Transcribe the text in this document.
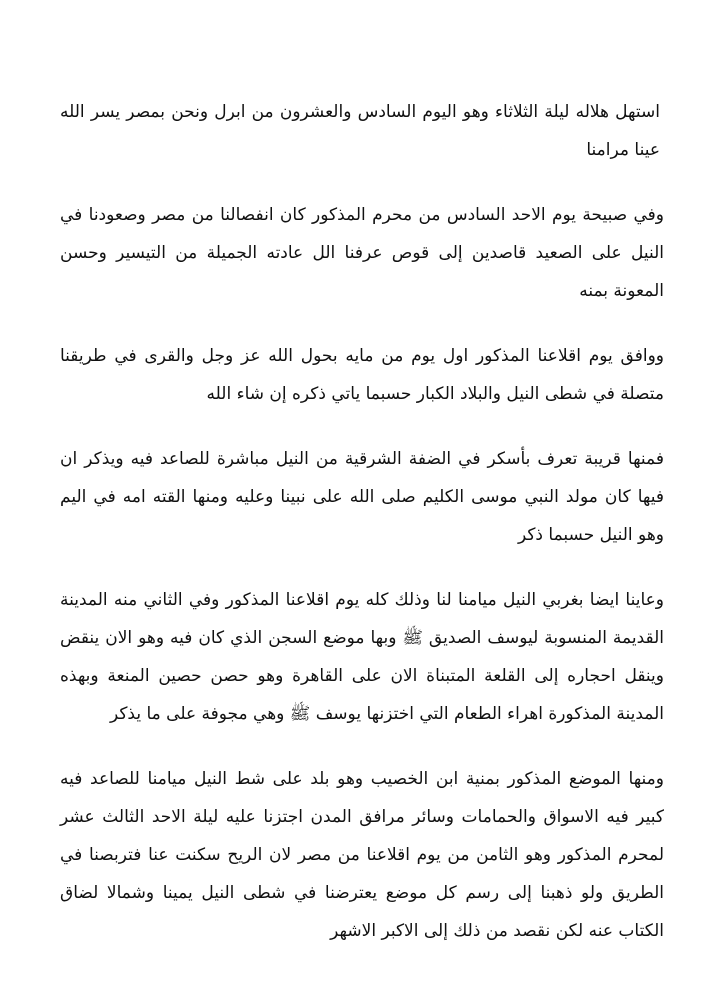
استهل هلاله ليلة الثلاثاء وهو اليوم السادس والعشرون من ابرل ونحن بمصر يسر الله عينا مرامنا

وفي صبيحة يوم الاحد السادس من محرم المذكور كان انفصالنا من مصر وصعودنا في النيل على الصعيد قاصدين إلى قوص عرفنا الل عادته الجميلة من التيسير وحسن المعونة بمنه

ووافق يوم اقلاعنا المذكور اول يوم من مايه بحول الله عز وجل والقرى في طريقنا متصلة في شطى النيل والبلاد الكبار حسبما ياتي ذكره إن شاء الله

فمنها قريبة تعرف بأسكر في الضفة الشرقية من النيل مباشرة للصاعد فيه ويذكر ان فيها كان مولد النبي موسى الكليم صلى الله على نبينا وعليه ومنها القته امه في اليم وهو النيل حسبما ذكر

وعاينا ايضا بغربي النيل ميامنا لنا وذلك كله يوم اقلاعنا المذكور وفي الثاني منه المدينة القديمة المنسوبة ليوسف الصديق ﷺ وبها موضع السجن الذي كان فيه وهو الان ينقض وينقل احجاره إلى القلعة المتبناة الان على القاهرة وهو حصن حصين المنعة وبهذه المدينة المذكورة اهراء الطعام التي اختزنها يوسف ﷺ وهي مجوفة على ما يذكر

ومنها الموضع المذكور بمنية ابن الخصيب وهو بلد على شط النيل ميامنا للصاعد فيه كبير فيه الاسواق والحمامات وسائر مرافق المدن اجتزنا عليه ليلة الاحد الثالث عشر لمحرم المذكور وهو الثامن من يوم اقلاعنا من مصر لان الريح سكنت عنا فتربصنا في الطريق ولو ذهبنا إلى رسم كل موضع يعترضنا في شطى النيل يمينا وشمالا لضاق الكتاب عنه لكن نقصد من ذلك إلى الاكبر الاشهر
